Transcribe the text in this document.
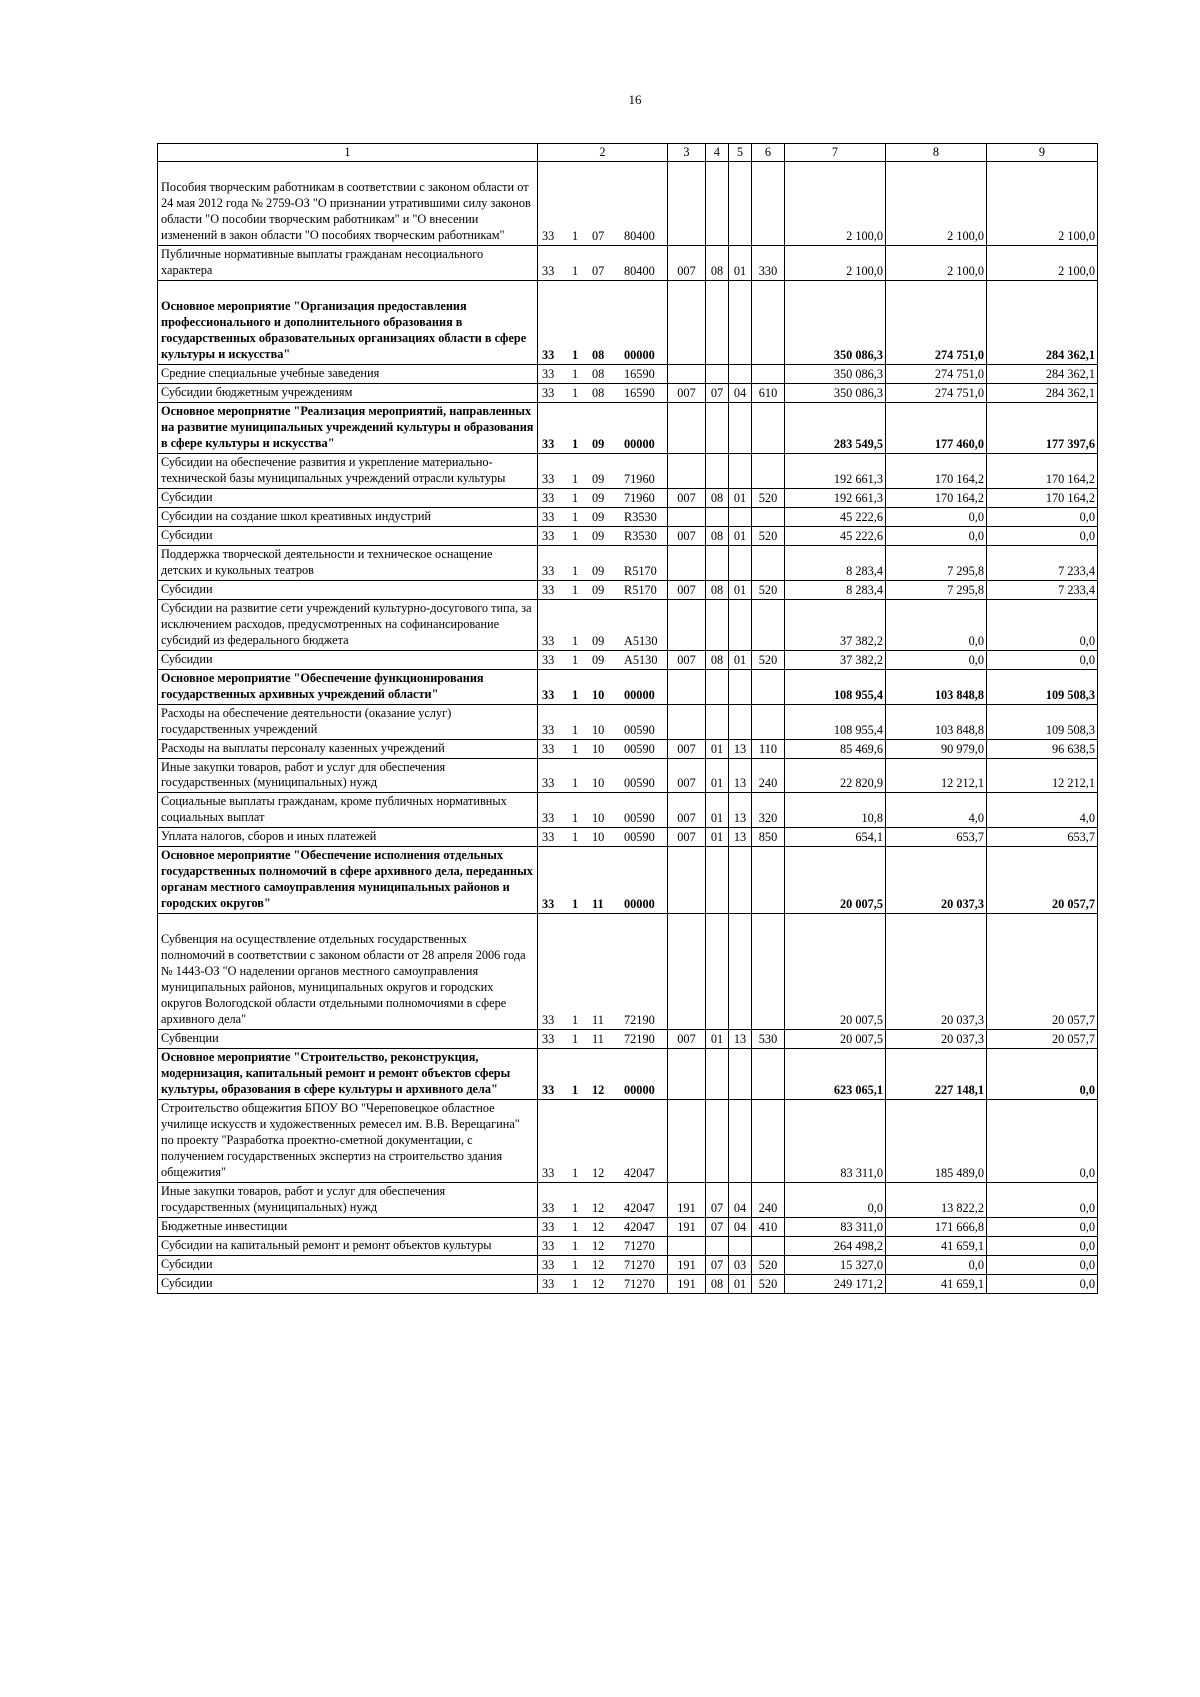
16
1	2	3	4	5	6	7	8	9
Пособия творческим работникам в соответствии с законом области от 24 мая 2012 года № 2759-ОЗ "О признании утратившими силу законов области "О пособии творческим работникам" и "О внесении изменений в закон области "О пособиях творческим работникам"	33 1 07 80400					2 100,0	2 100,0	2 100,0
Публичные нормативные выплаты гражданам несоциального характера	33 1 07 80400	007	08	01	330	2 100,0	2 100,0	2 100,0
Основное мероприятие "Организация предоставления профессионального и дополнительного образования в государственных образовательных организациях области в сфере культуры и искусства"	33 1 08 00000					350 086,3	274 751,0	284 362,1
Средние специальные учебные заведения	33 1 08 16590					350 086,3	274 751,0	284 362,1
Субсидии бюджетным учреждениям	33 1 08 16590	007	07	04	610	350 086,3	274 751,0	284 362,1
Основное мероприятие "Реализация мероприятий, направленных на развитие муниципальных учреждений культуры и образования в сфере культуры и искусства"	33 1 09 00000					283 549,5	177 460,0	177 397,6
Субсидии на обеспечение развития и укрепление материально-технической базы муниципальных учреждений отрасли культуры	33 1 09 71960					192 661,3	170 164,2	170 164,2
Субсидии	33 1 09 71960	007	08	01	520	192 661,3	170 164,2	170 164,2
Субсидии на создание школ креативных индустрий	33 1 09 R3530					45 222,6	0,0	0,0
Субсидии	33 1 09 R3530	007	08	01	520	45 222,6	0,0	0,0
Поддержка творческой деятельности и техническое оснащение детских и кукольных театров	33 1 09 R5170					8 283,4	7 295,8	7 233,4
Субсидии	33 1 09 R5170	007	08	01	520	8 283,4	7 295,8	7 233,4
Субсидии на развитие сети учреждений культурно-досугового типа, за исключением расходов, предусмотренных на софинансирование субсидий из федерального бюджета	33 1 09 А5130					37 382,2	0,0	0,0
Субсидии	33 1 09 А5130	007	08	01	520	37 382,2	0,0	0,0
Основное мероприятие "Обеспечение функционирования государственных архивных учреждений области"	33 1 10 00000					108 955,4	103 848,8	109 508,3
Расходы на обеспечение деятельности (оказание услуг) государственных учреждений	33 1 10 00590					108 955,4	103 848,8	109 508,3
Расходы на выплаты персоналу казенных учреждений	33 1 10 00590	007	01	13	110	85 469,6	90 979,0	96 638,5
Иные закупки товаров, работ и услуг для обеспечения государственных (муниципальных) нужд	33 1 10 00590	007	01	13	240	22 820,9	12 212,1	12 212,1
Социальные выплаты гражданам, кроме публичных нормативных социальных выплат	33 1 10 00590	007	01	13	320	10,8	4,0	4,0
Уплата налогов, сборов и иных платежей	33 1 10 00590	007	01	13	850	654,1	653,7	653,7
Основное мероприятие "Обеспечение исполнения отдельных государственных полномочий в сфере архивного дела, переданных органам местного самоуправления муниципальных районов и городских округов"	33 1 11 00000					20 007,5	20 037,3	20 057,7
Субвенция на осуществление отдельных государственных полномочий в соответствии с законом области от 28 апреля 2006 года № 1443-ОЗ "О наделении органов местного самоуправления муниципальных районов, муниципальных округов и городских округов Вологодской области отдельными полномочиями в сфере архивного дела"	33 1 11 72190					20 007,5	20 037,3	20 057,7
Субвенции	33 1 11 72190	007	01	13	530	20 007,5	20 037,3	20 057,7
Основное мероприятие "Строительство, реконструкция, модернизация, капитальный ремонт и ремонт объектов сферы культуры, образования в сфере культуры и архивного дела"	33 1 12 00000					623 065,1	227 148,1	0,0
Строительство общежития БПОУ ВО "Череповецкое областное училище искусств и художественных ремесел им. В.В. Верещагина" по проекту "Разработка проектно-сметной документации, с получением государственных экспертиз на строительство здания общежития"	33 1 12 42047					83 311,0	185 489,0	0,0
Иные закупки товаров, работ и услуг для обеспечения государственных (муниципальных) нужд	33 1 12 42047	191	07	04	240	0,0	13 822,2	0,0
Бюджетные инвестиции	33 1 12 42047	191	07	04	410	83 311,0	171 666,8	0,0
Субсидии на капитальный ремонт и ремонт объектов культуры	33 1 12 71270					264 498,2	41 659,1	0,0
Субсидии	33 1 12 71270	191	07	03	520	15 327,0	0,0	0,0
Субсидии	33 1 12 71270	191	08	01	520	249 171,2	41 659,1	0,0
